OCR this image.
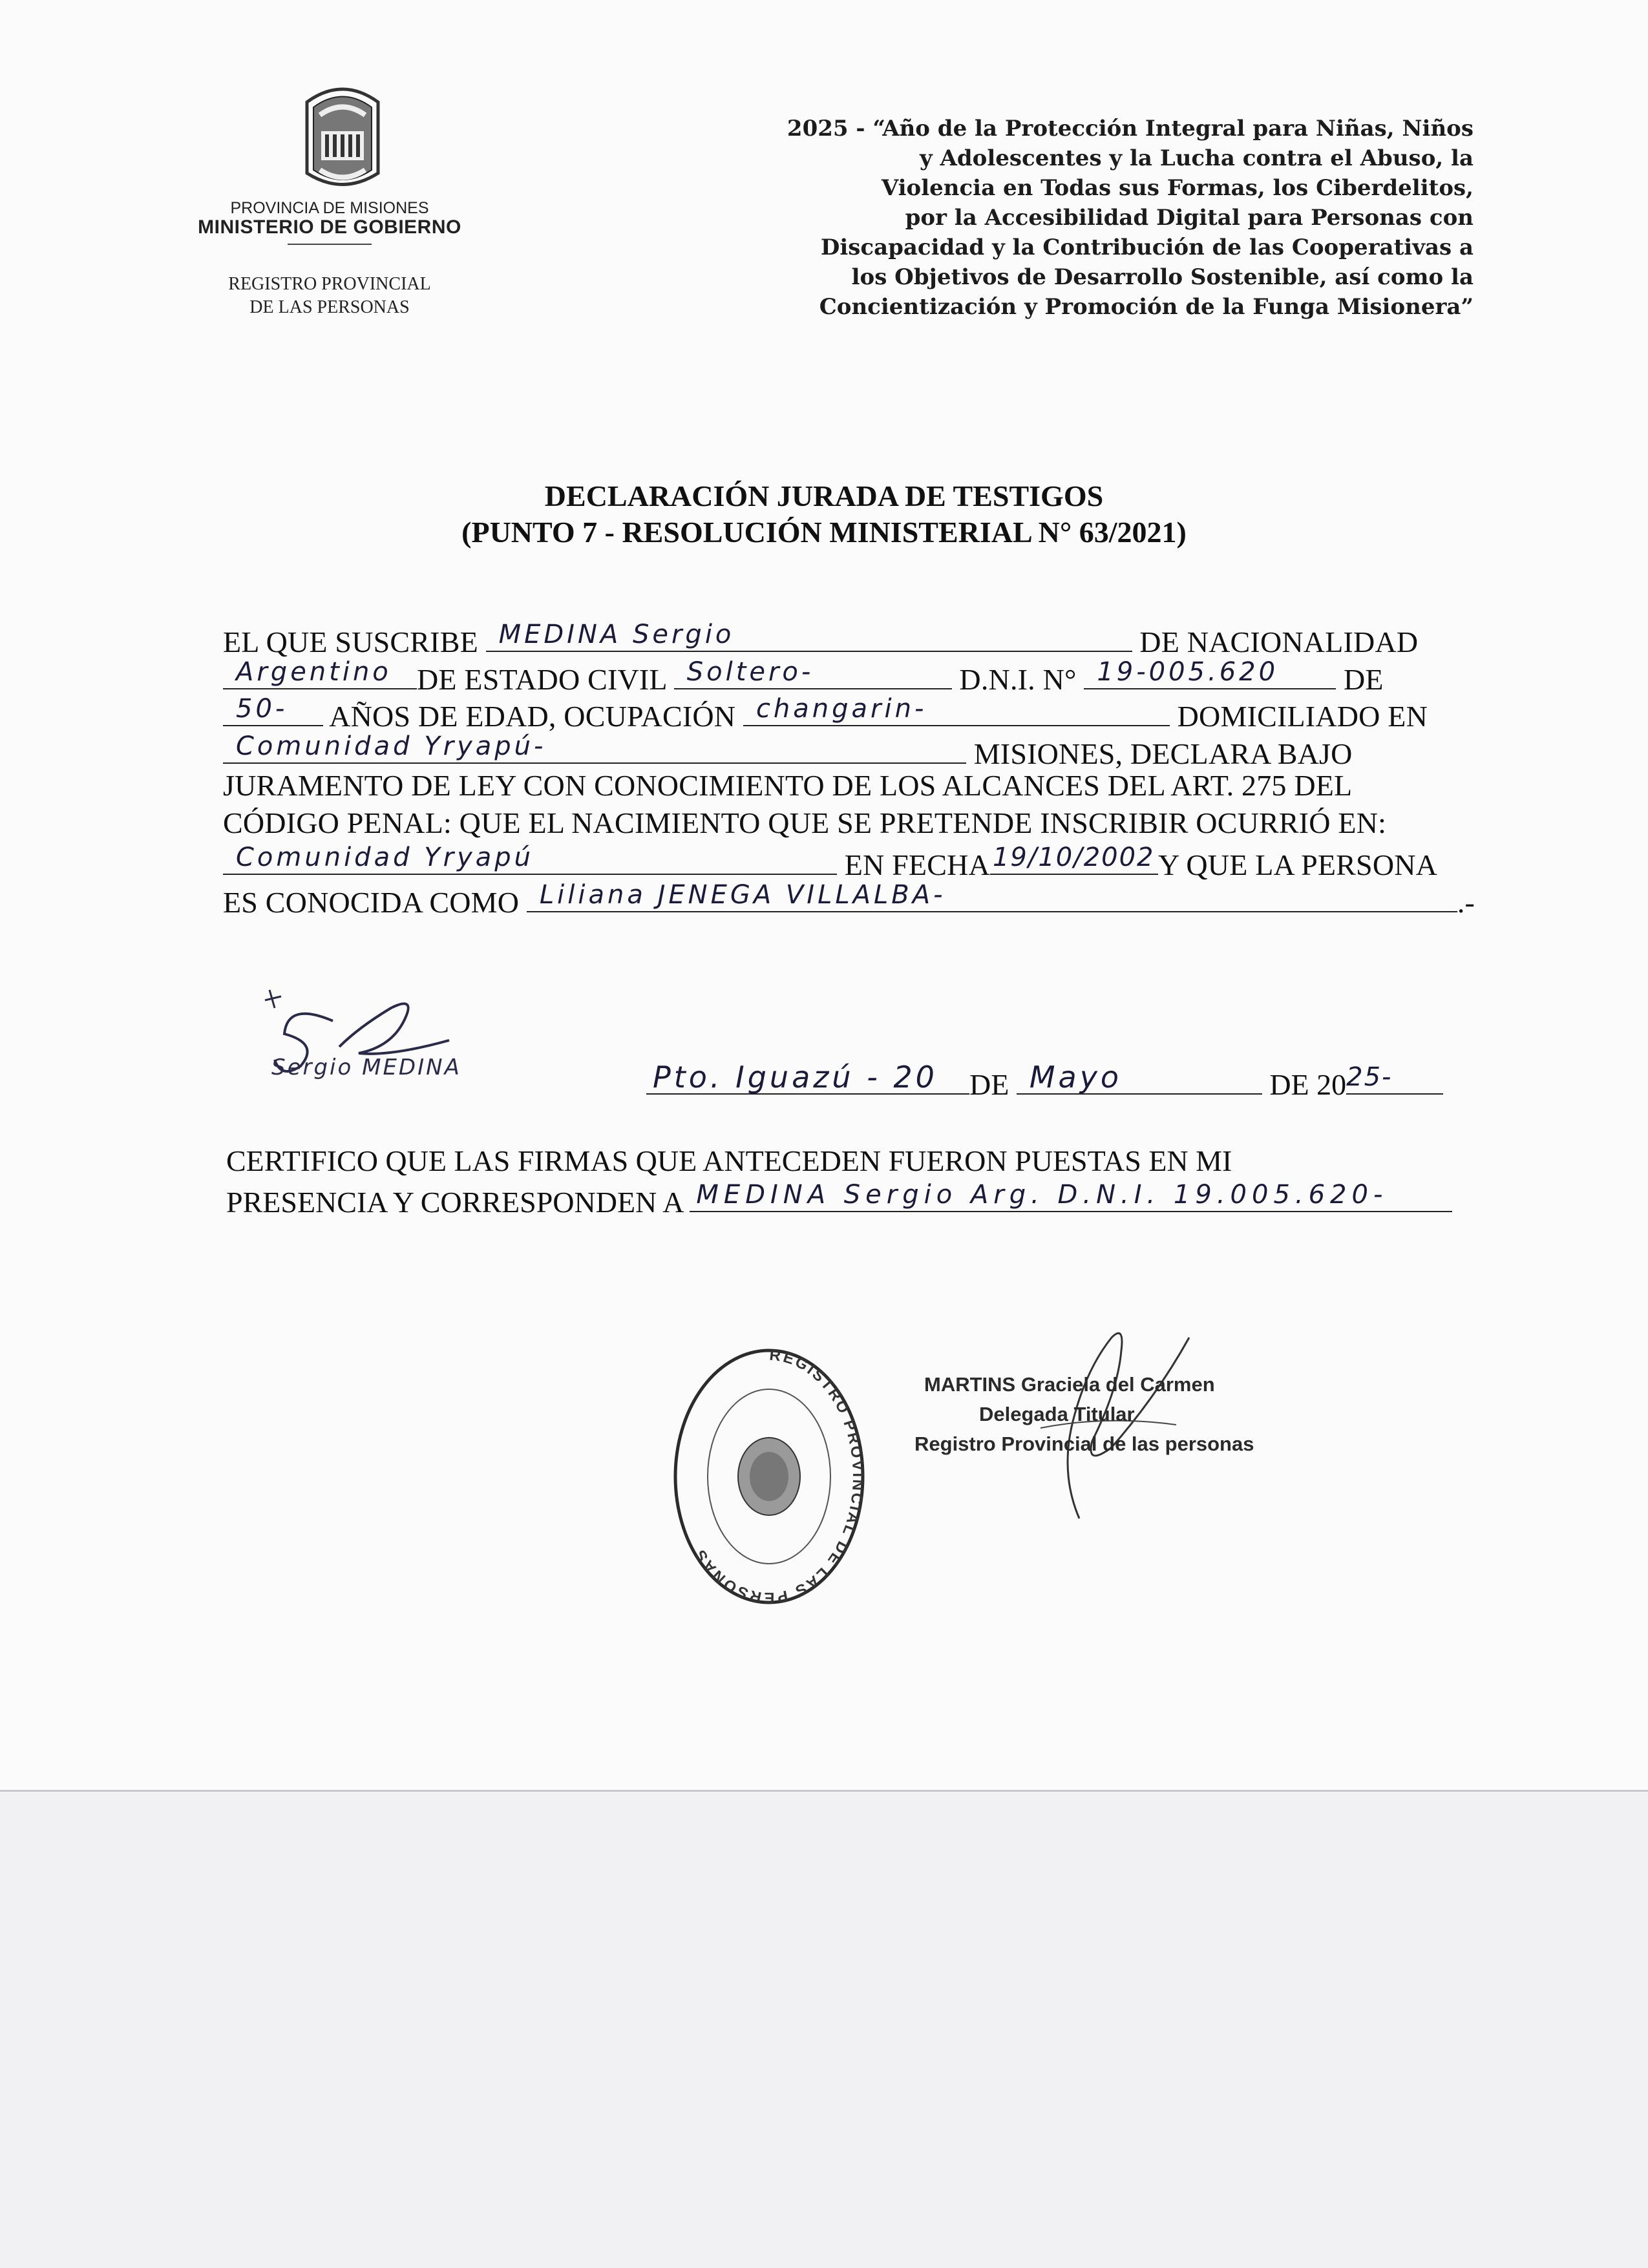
PROVINCIA DE MISIONES
MINISTERIO DE GOBIERNO
REGISTRO PROVINCIAL
DE LAS PERSONAS
2025 - “Año de la Protección Integral para Niñas, Niños
y Adolescentes y la Lucha contra el Abuso, la
Violencia en Todas sus Formas, los Ciberdelitos,
por la Accesibilidad Digital para Personas con
Discapacidad y la Contribución de las Cooperativas a
los Objetivos de Desarrollo Sostenible, así como la
Concientización y Promoción de la Funga Misionera”
DECLARACIÓN JURADA DE TESTIGOS
(PUNTO 7 - RESOLUCIÓN MINISTERIAL N° 63/2021)
EL QUE SUSCRIBE MEDINA Sergio	DE NACIONALIDAD
Argentino DE ESTADO CIVIL Soltero-	D.N.I. N° 19-005.620 DE
50- AÑOS DE EDAD, OCUPACIÓN changarin-	DOMICILIADO EN
Comunidad Yryapú-	MISIONES, DECLARA BAJO
JURAMENTO DE LEY CON CONOCIMIENTO DE LOS ALCANCES DEL ART. 275 DEL
CÓDIGO PENAL: QUE EL NACIMIENTO QUE SE PRETENDE INSCRIBIR OCURRIÓ EN:
Comunidad Yryapú	EN FECHA 19/10/2002 Y QUE LA PERSONA
ES CONOCIDA COMO Liliana JENEGA VILLALBA-	.-
Sergio MEDINA	Pto. Iguazú - 20 DE Mayo	DE 2025-
CERTIFICO QUE LAS FIRMAS QUE ANTECEDEN FUERON PUESTAS EN MI
PRESENCIA Y CORRESPONDEN A MEDINA Sergio Arg. D.N.I. 19.005.620-
REGISTRO PROVINCIAL DE LAS PERSONAS
MARTINS Graciela del Carmen
Delegada Titular
Registro Provincial de las personas
